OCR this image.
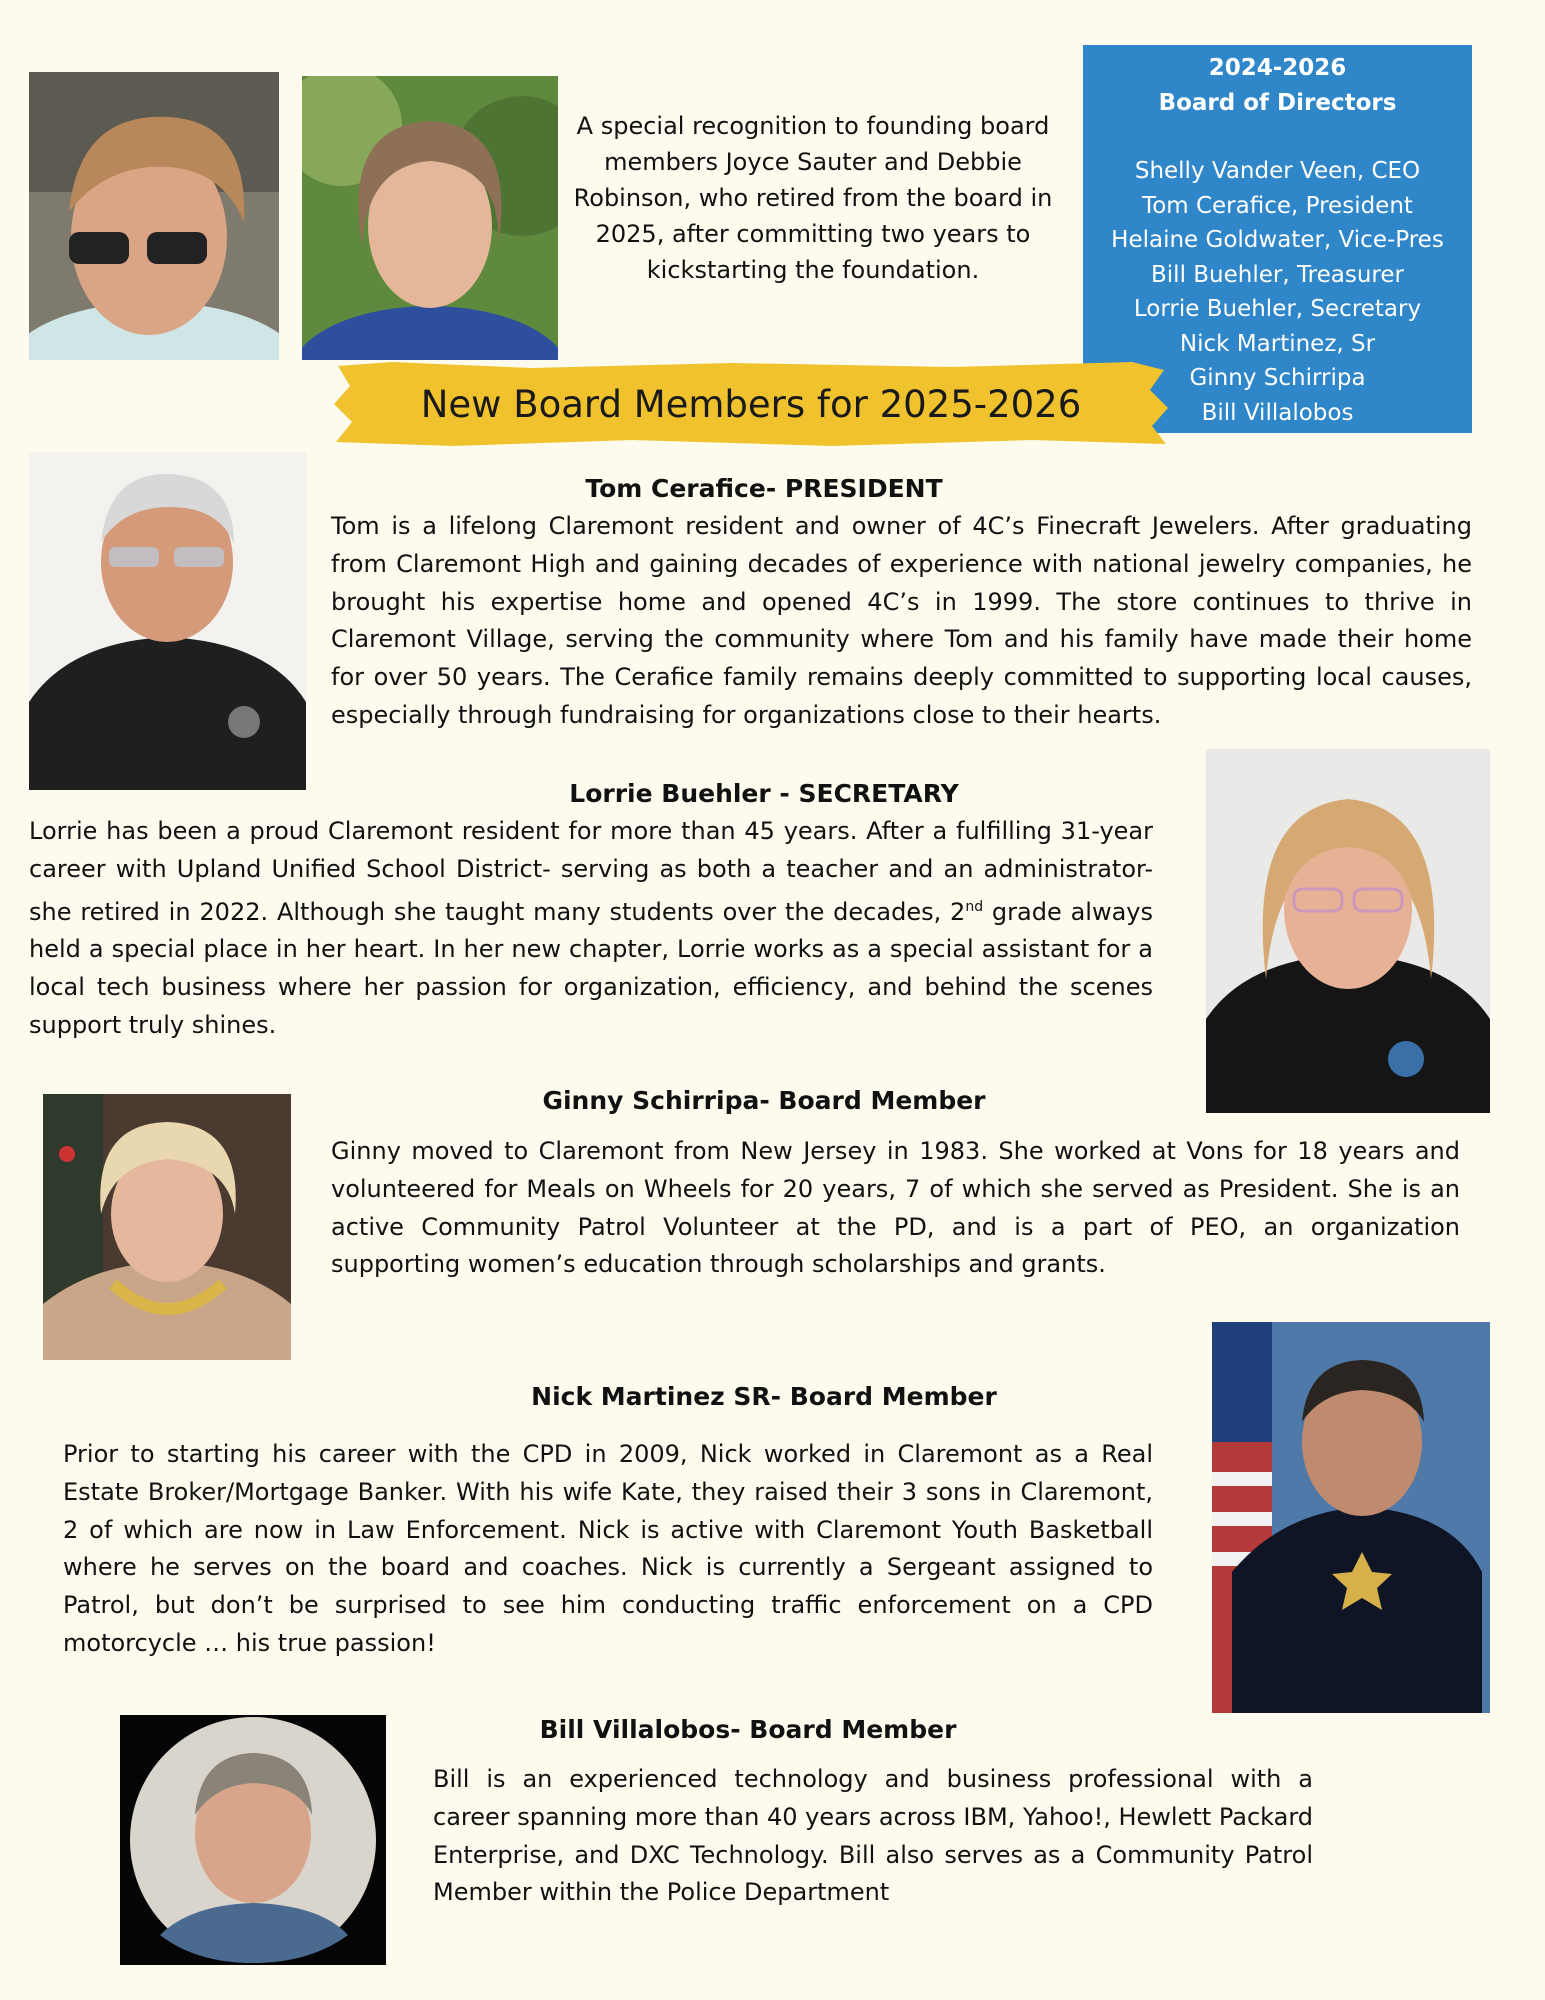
A special recognition to founding board members Joyce Sauter and Debbie Robinson, who retired from the board in 2025, after committing two years to kickstarting the foundation.
2024-2026
Board of Directors
Shelly Vander Veen, CEO
Tom Cerafice, President
Helaine Goldwater, Vice-Pres
Bill Buehler, Treasurer
Lorrie Buehler, Secretary
Nick Martinez, Sr
Ginny Schirripa
Bill Villalobos
New Board Members for 2025-2026
Tom Cerafice- PRESIDENT
Tom is a lifelong Claremont resident and owner of 4C’s Finecraft Jewelers. After graduating from Claremont High and gaining decades of experience with national jewelry companies, he brought his expertise home and opened 4C’s in 1999. The store continues to thrive in Claremont Village, serving the community where Tom and his family have made their home for over 50 years. The Cerafice family remains deeply committed to supporting local causes, especially through fundraising for organizations close to their hearts.
Lorrie Buehler - SECRETARY
Lorrie has been a proud Claremont resident for more than 45 years. After a fulfilling 31-year career with Upland Unified School District- serving as both a teacher and an administrator- she retired in 2022. Although she taught many students over the decades, 2nd grade always held a special place in her heart. In her new chapter, Lorrie works as a special assistant for a local tech business where her passion for organization, efficiency, and behind the scenes support truly shines.
Ginny Schirripa- Board Member
Ginny moved to Claremont from New Jersey in 1983. She worked at Vons for 18 years and volunteered for Meals on Wheels for 20 years, 7 of which she served as President. She is an active Community Patrol Volunteer at the PD, and is a part of PEO, an organization supporting women’s education through scholarships and grants.
Nick Martinez SR- Board Member
Prior to starting his career with the CPD in 2009, Nick worked in Claremont as a Real Estate Broker/Mortgage Banker. With his wife Kate, they raised their 3 sons in Claremont, 2 of which are now in Law Enforcement. Nick is active with Claremont Youth Basketball where he serves on the board and coaches. Nick is currently a Sergeant assigned to Patrol, but don’t be surprised to see him conducting traffic enforcement on a CPD motorcycle … his true passion!
Bill Villalobos- Board Member
Bill is an experienced technology and business professional with a career spanning more than 40 years across IBM, Yahoo!, Hewlett Packard Enterprise, and DXC Technology. Bill also serves as a Community Patrol Member within the Police Department
